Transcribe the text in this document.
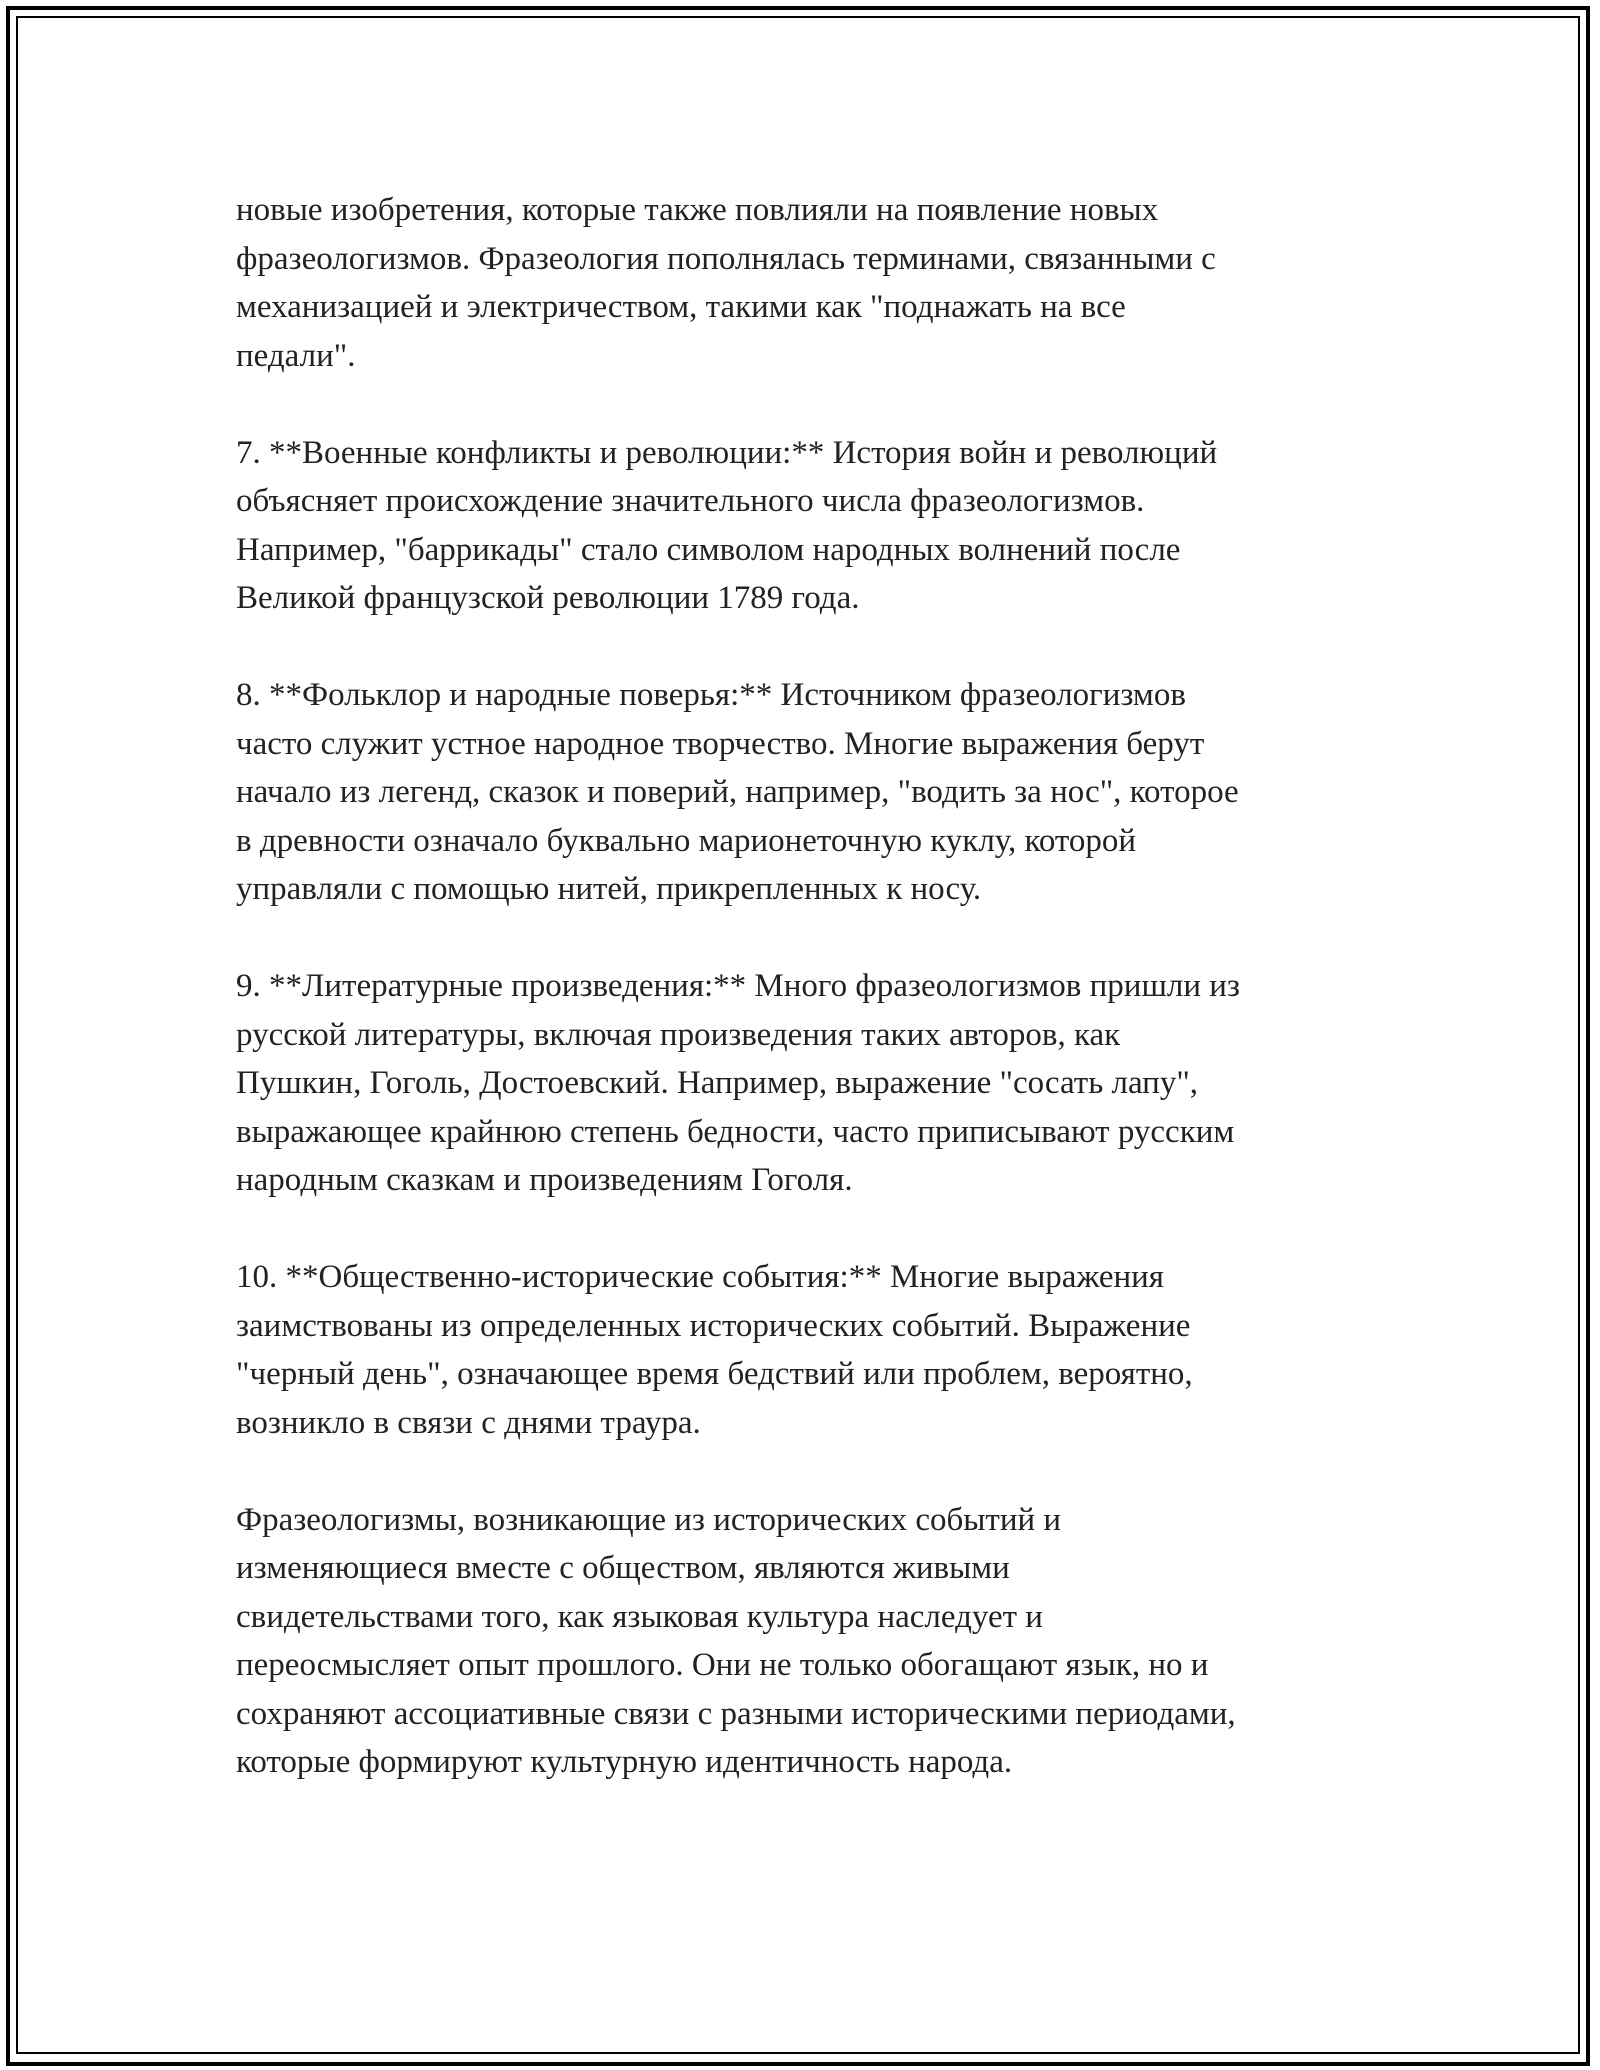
новые изобретения, которые также повлияли на появление новых
фразеологизмов. Фразеология пополнялась терминами, связанными с
механизацией и электричеством, такими как "поднажать на все
педали".

7. **Военные конфликты и революции:** История войн и революций
объясняет происхождение значительного числа фразеологизмов.
Например, "баррикады" стало символом народных волнений после
Великой французской революции 1789 года.

8. **Фольклор и народные поверья:** Источником фразеологизмов
часто служит устное народное творчество. Многие выражения берут
начало из легенд, сказок и поверий, например, "водить за нос", которое
в древности означало буквально марионеточную куклу, которой
управляли с помощью нитей, прикрепленных к носу.

9. **Литературные произведения:** Много фразеологизмов пришли из
русской литературы, включая произведения таких авторов, как
Пушкин, Гоголь, Достоевский. Например, выражение "сосать лапу",
выражающее крайнюю степень бедности, часто приписывают русским
народным сказкам и произведениям Гоголя.

10. **Общественно-исторические события:** Многие выражения
заимствованы из определенных исторических событий. Выражение
"черный день", означающее время бедствий или проблем, вероятно,
возникло в связи с днями траура.

Фразеологизмы, возникающие из исторических событий и
изменяющиеся вместе с обществом, являются живыми
свидетельствами того, как языковая культура наследует и
переосмысляет опыт прошлого. Они не только обогащают язык, но и
сохраняют ассоциативные связи с разными историческими периодами,
которые формируют культурную идентичность народа.
